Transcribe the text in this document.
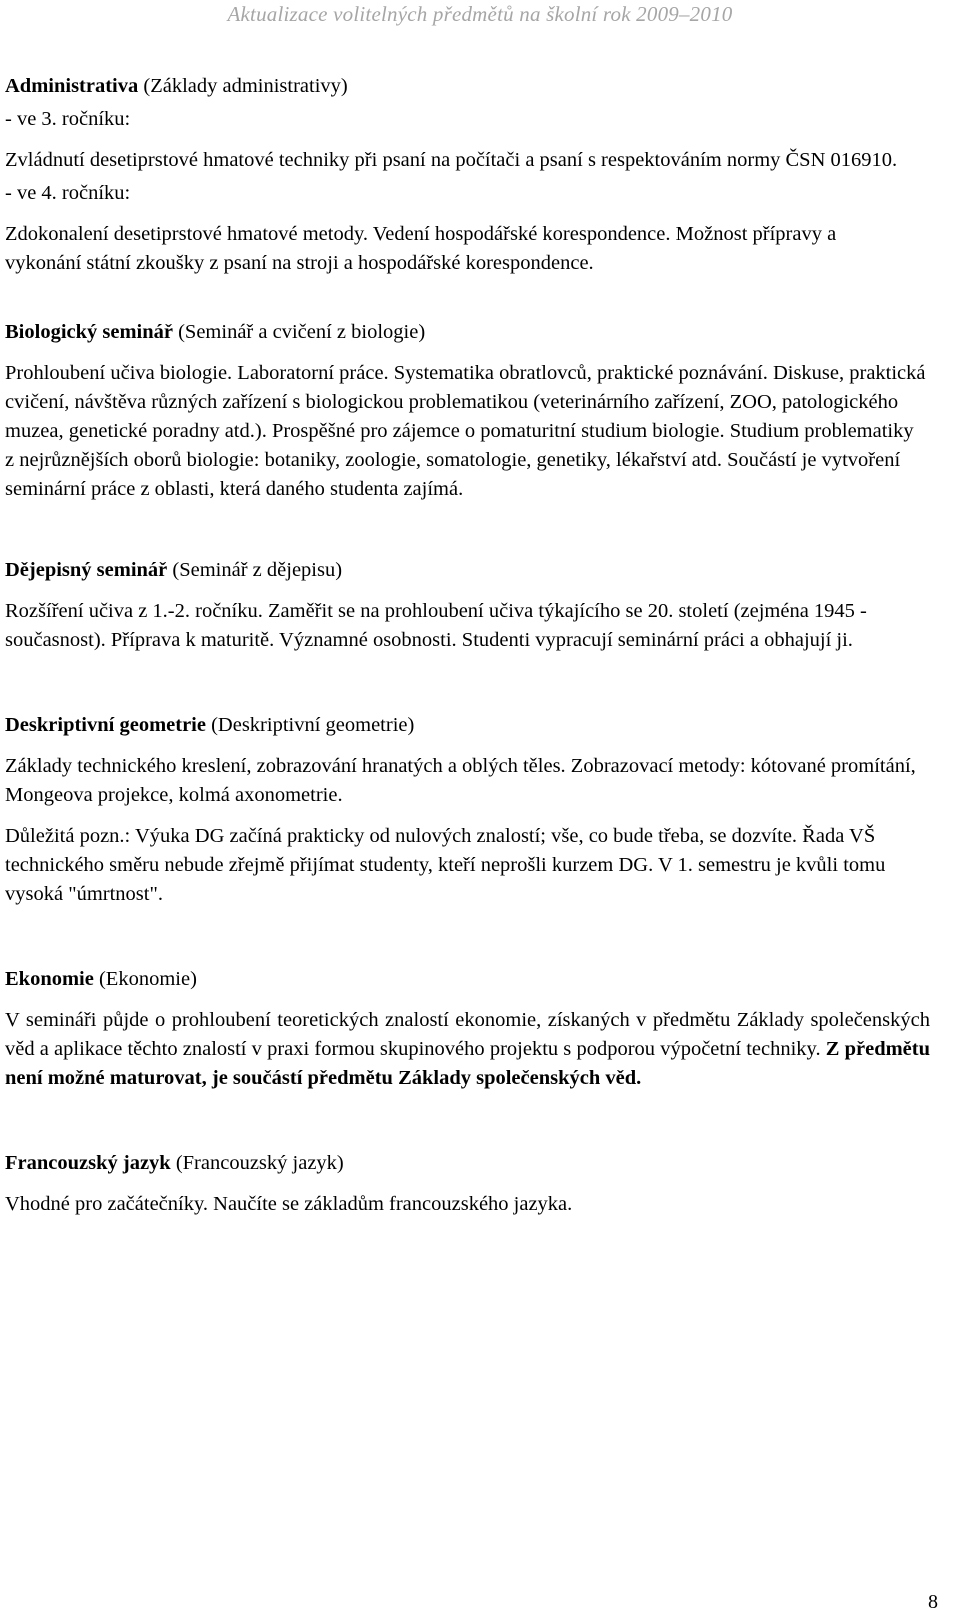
Aktualizace volitelných předmětů na školní rok 2009–2010

Administrativa (Základy administrativy)

- ve 3. ročníku:

Zvládnutí desetiprstové hmatové techniky při psaní na počítači a psaní s respektováním normy ČSN 016910.

- ve 4. ročníku:

Zdokonalení desetiprstové hmatové metody. Vedení hospodářské korespondence. Možnost přípravy a vykonání státní zkoušky z psaní na stroji a hospodářské korespondence.

Biologický seminář (Seminář a cvičení z biologie)

Prohloubení učiva biologie. Laboratorní práce. Systematika obratlovců, praktické poznávání. Diskuse, praktická cvičení, návštěva různých zařízení s biologickou problematikou (veterinárního zařízení, ZOO, patologického muzea, genetické poradny atd.). Prospěšné pro zájemce o pomaturitní studium biologie. Studium problematiky z nejrůznějších oborů biologie: botaniky, zoologie, somatologie, genetiky, lékařství atd. Součástí je vytvoření seminární práce z oblasti, která daného studenta zajímá.

Dějepisný seminář (Seminář z dějepisu)

Rozšíření učiva z 1.-2. ročníku. Zaměřit se na prohloubení učiva týkajícího se 20. století (zejména 1945 - současnost). Příprava k maturitě. Významné osobnosti. Studenti vypracují seminární práci a obhajují ji.

Deskriptivní geometrie (Deskriptivní geometrie)

Základy technického kreslení, zobrazování hranatých a oblých těles. Zobrazovací metody: kótované promítání, Mongeova projekce, kolmá axonometrie.

Důležitá pozn.: Výuka DG začíná prakticky od nulových znalostí; vše, co bude třeba, se dozvíte. Řada VŠ technického směru nebude zřejmě přijímat studenty, kteří neprošli kurzem DG. V 1. semestru je kvůli tomu vysoká "úmrtnost".

Ekonomie (Ekonomie)

V semináři půjde o prohloubení teoretických znalostí ekonomie, získaných v předmětu Základy společenských věd a aplikace těchto znalostí v praxi formou skupinového projektu s podporou výpočetní techniky. Z předmětu není možné maturovat, je součástí předmětu Základy společenských věd.

Francouzský jazyk (Francouzský jazyk)

Vhodné pro začátečníky. Naučíte se základům francouzského jazyka.

8
